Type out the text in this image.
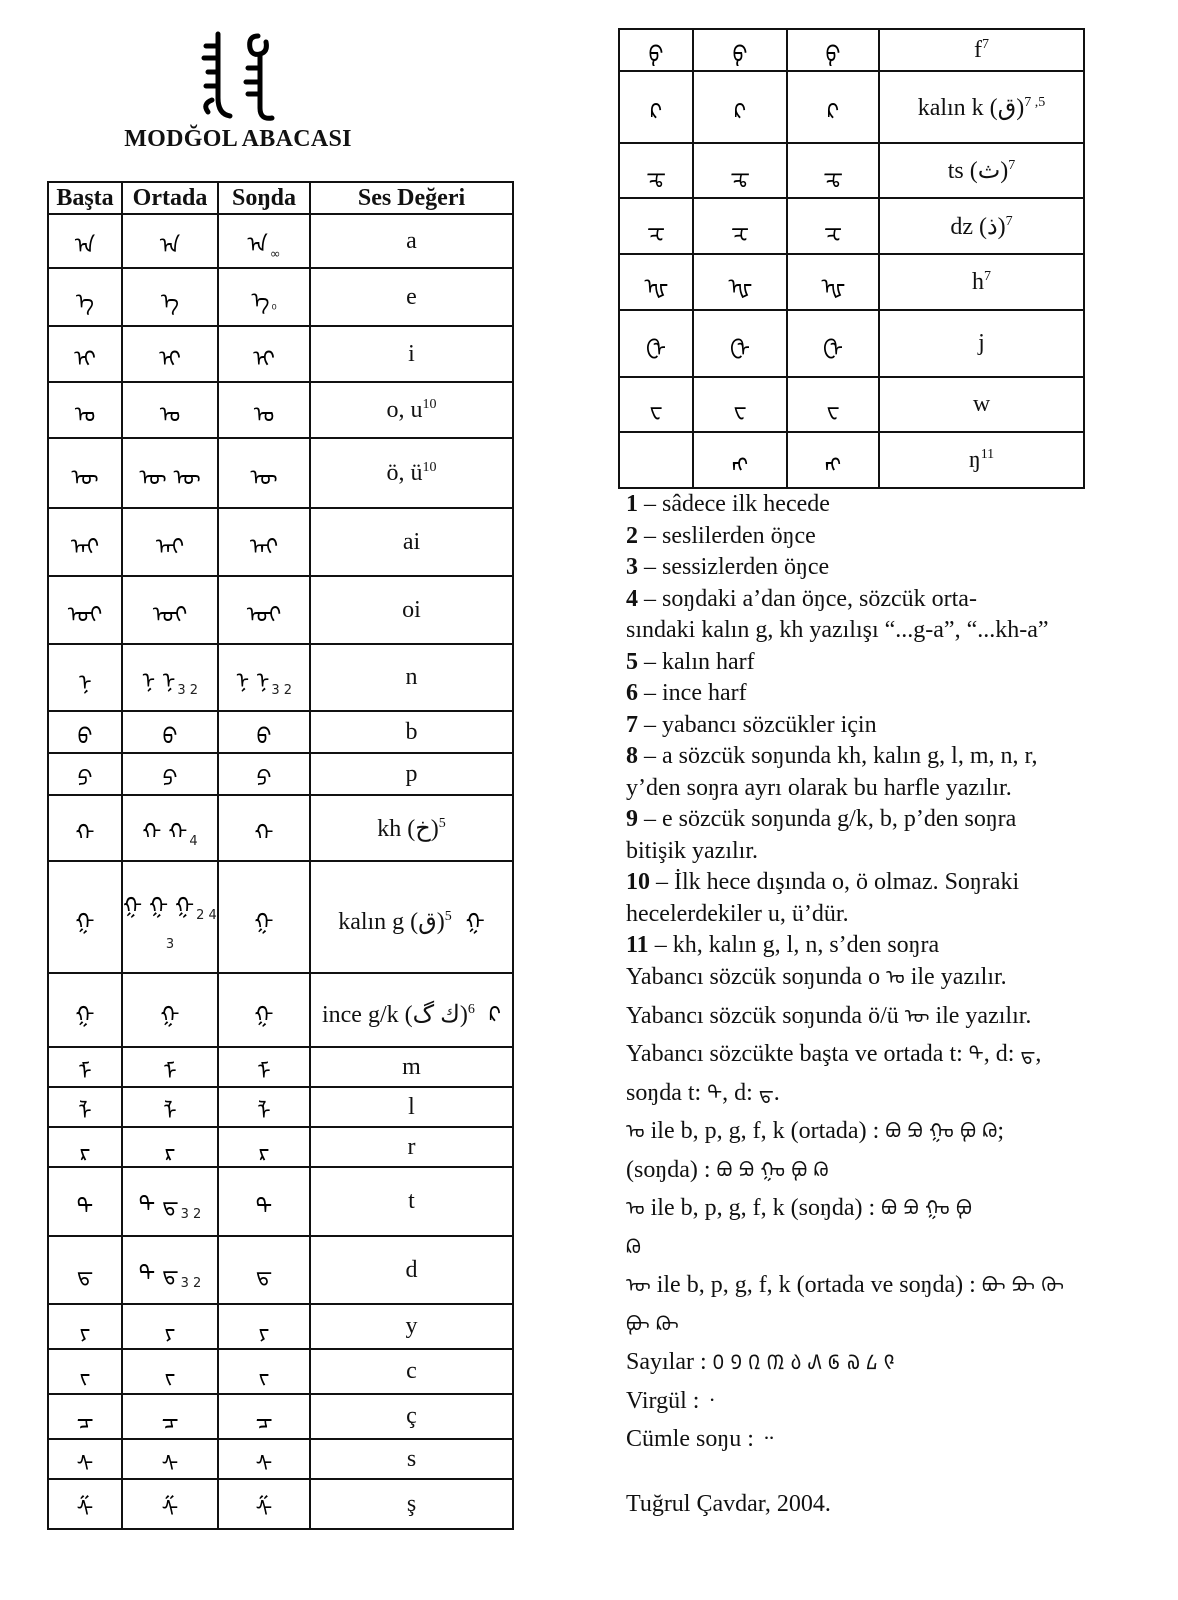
MODĞOL ABACASI
Başta	Ortada	Soŋda	Ses Değeri
ᠠ	ᠠ	ᠠ $_\infty$	a
ᠡ	ᠡ	ᠡ $_{^0}$	e
ᠢ	ᠢ	ᠢ	i
ᠣ	ᠣ	ᠣ	o, $u^{10}$
ᠥ	ᠥ ᠦ	ᠥ	ö, $ü^{10}$
ᠠᠢ	ᠠᠢ	ᠠᠢ	ai
ᠣᠢ	ᠣᠢ	ᠣᠢ	oi
ᠨ	ᠨ ᠨ $_{3 2}$	ᠨ ᠨ $_{3 2}$	n
ᠪ	ᠪ	ᠪ	b
ᠫ	ᠫ	ᠫ	p
ᠬ	ᠬ ᠬ $_4$	ᠬ	kh (خ)$^5$
ᠭ	ᠭ ᠭ ᠭ $_{2 4 3}$	ᠭ	kalın g (ق)$^5$ ᠭ
ᠭ	ᠭ	ᠭ	ince g/k (ك گ)$^6$ ᠺ
ᠮ	ᠮ	ᠮ	m
ᠯ	ᠯ	ᠯ	l
ᠷ	ᠷ	ᠷ	r
ᠲ	ᠲ ᠳ $_{3 2}$	ᠲ	t
ᠳ	ᠲ ᠳ $_{3 2}$	ᠳ	d
ᠶ	ᠶ	ᠶ	y
ᠵ	ᠵ	ᠵ	c
ᠴ	ᠴ	ᠴ	ç
ᠰ	ᠰ	ᠰ	s
ᠱ	ᠱ	ᠱ	ş
ᠹ	ᠹ	ᠹ	$f^7$
ᠺ	ᠺ	ᠺ	kalın k (ق)$^{5, 7}$
ᠼ	ᠼ	ᠼ	ts (ث)$^7$
ᠽ	ᠽ	ᠽ	dz (ذ)$^7$
ᠾ	ᠾ	ᠾ	$h^7$
ᠿ	ᠿ	ᠿ	j
ᠸ	ᠸ	ᠸ	w
	ᠩ	ᠩ	$ŋ^{11}$

1 – sâdece ilk hecede

2 – seslilerden öŋce

3 – sessizlerden öŋce

4 – soŋdaki a’dan öŋce, sözcük orta-

sındaki kalın g, kh yazılışı “...g-a”, “...kh-a”

5 – kalın harf

6 – ince harf

7 – yabancı sözcükler için

8 – a sözcük soŋunda kh, kalın g, l, m, n, r,

y’den soŋra ayrı olarak bu harfle yazılır.

9 – e sözcük soŋunda g/k, b, p’den soŋra

bitişik yazılır.

10 – İlk hece dışında o, ö olmaz. Soŋraki

hecelerdekiler u, ü’dür.

11 – kh, kalın g, l, n, s’den soŋra

Yabancı sözcük soŋunda o ᠣ ile yazılır.

Yabancı sözcük soŋunda ö/ü ᠥ ile yazılır.

Yabancı sözcükte başta ve ortada t: ᠲ, d: ᠳ,

soŋda t: ᠲ, d: ᠳ.

ᠣ ile b, p, g, f, k (ortada) : ᠪᠣ ᠫᠣ ᠭᠣ ᠹᠣ ᠺᠣ;

(soŋda) : ᠪᠣ ᠫᠣ ᠭᠣ ᠹᠣ ᠺᠣ

ᠤ ile b, p, g, f, k (soŋda) : ᠪᠤ ᠫᠤ ᠭᠤ ᠹᠤ

ᠺᠤ

ᠦ ile b, p, g, f, k (ortada ve soŋda) : ᠪᠦ ᠫᠦ ᠭᠦ

ᠹᠦ ᠺᠦ

Sayılar : ᠐ ᠑ ᠒ ᠓ ᠔ ᠕ ᠖ ᠗ ᠘ ᠙

Virgül : ᠂

Cümle soŋu : ᠃

Tuğrul Çavdar, 2004.
